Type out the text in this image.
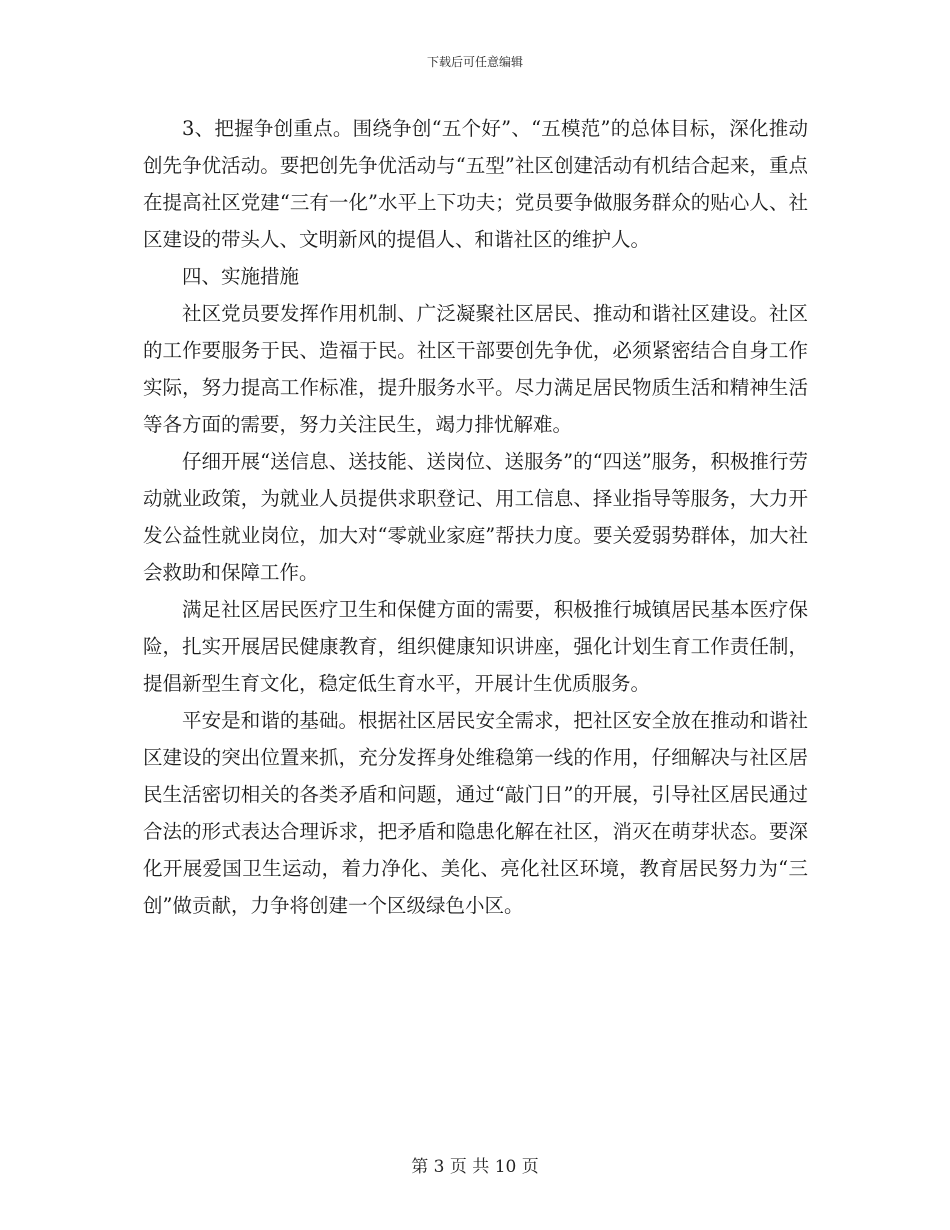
下载后可任意编辑

3、把握争创重点。围绕争创“五个好”、“五模范”的总体目标，深化推动创先争优活动。要把创先争优活动与“五型”社区创建活动有机结合起来，重点在提高社区党建“三有一化”水平上下功夫；党员要争做服务群众的贴心人、社区建设的带头人、文明新风的提倡人、和谐社区的维护人。

四、实施措施

社区党员要发挥作用机制、广泛凝聚社区居民、推动和谐社区建设。社区的工作要服务于民、造福于民。社区干部要创先争优，必须紧密结合自身工作实际，努力提高工作标准，提升服务水平。尽力满足居民物质生活和精神生活等各方面的需要，努力关注民生，竭力排忧解难。

仔细开展“送信息、送技能、送岗位、送服务”的“四送”服务，积极推行劳动就业政策，为就业人员提供求职登记、用工信息、择业指导等服务，大力开发公益性就业岗位，加大对“零就业家庭”帮扶力度。要关爱弱势群体，加大社会救助和保障工作。

满足社区居民医疗卫生和保健方面的需要，积极推行城镇居民基本医疗保险，扎实开展居民健康教育，组织健康知识讲座，强化计划生育工作责任制，提倡新型生育文化，稳定低生育水平，开展计生优质服务。

平安是和谐的基础。根据社区居民安全需求，把社区安全放在推动和谐社区建设的突出位置来抓，充分发挥身处维稳第一线的作用，仔细解决与社区居民生活密切相关的各类矛盾和问题，通过“敲门日”的开展，引导社区居民通过合法的形式表达合理诉求，把矛盾和隐患化解在社区，消灭在萌芽状态。要深化开展爱国卫生运动，着力净化、美化、亮化社区环境，教育居民努力为“三创”做贡献，力争将创建一个区级绿色小区。

第 3 页 共 10 页
